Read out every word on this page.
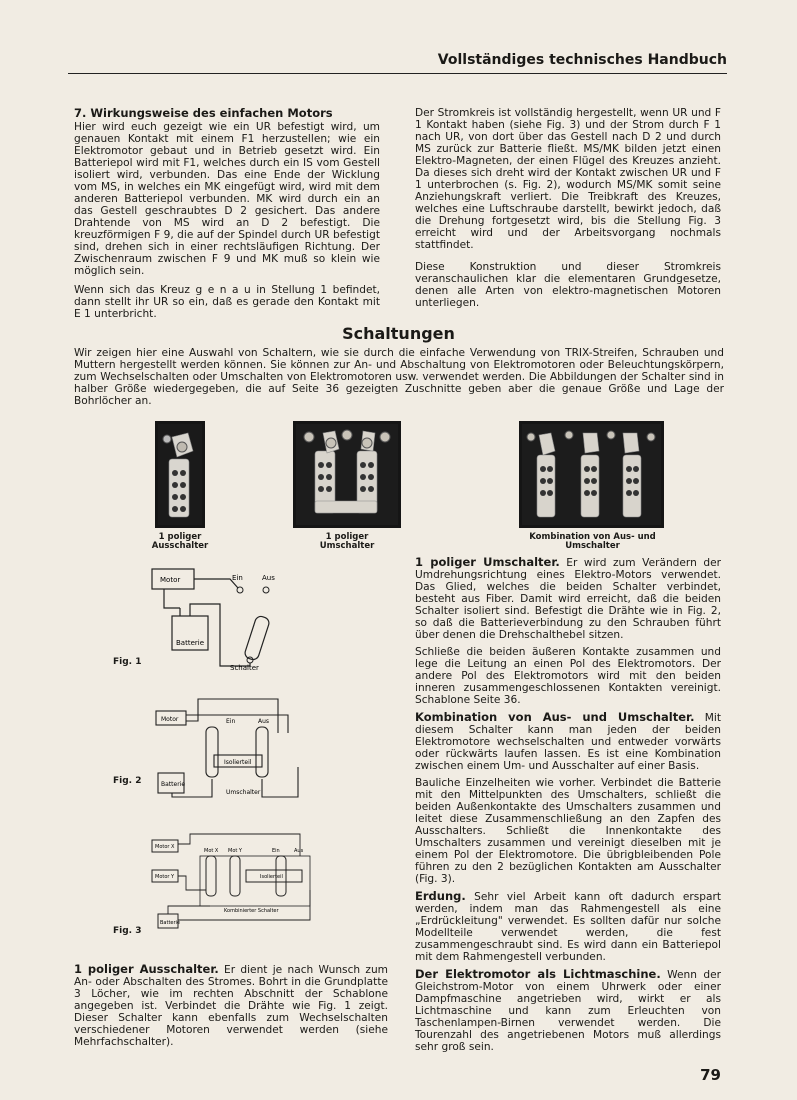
Vollständiges technisches Handbuch

7. Wirkungsweise des einfachen Motors

Hier wird euch gezeigt wie ein UR befestigt wird, um genauen Kontakt mit einem F1 herzustellen; wie ein Elektromotor gebaut und in Betrieb gesetzt wird. Ein Batteriepol wird mit F1, welches durch ein IS vom Gestell isoliert wird, verbunden. Das eine Ende der Wicklung vom MS, in welches ein MK eingefügt wird, wird mit dem anderen Batteriepol verbunden. MK wird durch ein an das Gestell geschraubtes D 2 gesichert. Das andere Drahtende von MS wird an D 2 befestigt. Die kreuzförmigen F 9, die auf der Spindel durch UR befestigt sind, drehen sich in einer rechtsläufigen Richtung. Der Zwischenraum zwischen F 9 und MK muß so klein wie möglich sein.

Wenn sich das Kreuz g e n a u in Stellung 1 befindet, dann stellt ihr UR so ein, daß es gerade den Kontakt mit E 1 unterbricht.

Der Stromkreis ist vollständig hergestellt, wenn UR und F 1 Kontakt haben (siehe Fig. 3) und der Strom durch F 1 nach UR, von dort über das Gestell nach D 2 und durch MS zurück zur Batterie fließt. MS/MK bilden jetzt einen Elektro-Magneten, der einen Flügel des Kreuzes anzieht. Da dieses sich dreht wird der Kontakt zwischen UR und F 1 unterbrochen (s. Fig. 2), wodurch MS/MK somit seine Anziehungskraft verliert. Die Treibkraft des Kreuzes, welches eine Luftschraube darstellt, bewirkt jedoch, daß die Drehung fortgesetzt wird, bis die Stellung Fig. 3 erreicht wird und der Arbeitsvorgang nochmals stattfindet.

Diese Konstruktion und dieser Stromkreis veranschaulichen klar die elementaren Grundgesetze, denen alle Arten von elektro-magnetischen Motoren unterliegen.

Schaltungen
Wir zeigen hier eine Auswahl von Schaltern, wie sie durch die einfache Verwendung von TRIX-Streifen, Schrauben und Muttern hergestellt werden können. Sie können zur An- und Abschaltung von Elektromotoren oder Beleuchtungskörpern, zum Wechselschalten oder Umschalten von Elektromotoren usw. verwendet werden. Die Abbildungen der Schalter sind in halber Größe wiedergegeben, die auf Seite 36 gezeigten Zuschnitte geben aber die genaue Größe und Lage der Bohrlöcher an.
1 poliger Ausschalter
1 poliger Umschalter
Kombination von Aus- und Umschalter
Motor	Ein	Aus
Batterie
Schalter
Fig. 1
Motor	Ein	Aus
Isolierteil
Batterie
Umschalter
Fig. 2
Motor X
Motor Y
Mot X Mot Y	Ein	Aus
Isolierteil
Kombinierter Schalter
Batterie
Fig. 3

1 poliger Umschalter. Er wird zum Verändern der Umdrehungsrichtung eines Elektro-Motors verwendet. Das Glied, welches die beiden Schalter verbindet, besteht aus Fiber. Damit wird erreicht, daß die beiden Schalter isoliert sind. Befestigt die Drähte wie in Fig. 2, so daß die Batterieverbindung zu den Schrauben führt über denen die Drehschalthebel sitzen.

Schließe die beiden äußeren Kontakte zusammen und lege die Leitung an einen Pol des Elektromotors. Der andere Pol des Elektromotors wird mit den beiden inneren zusammengeschlossenen Kontakten vereinigt. Schablone Seite 36.

Kombination von Aus- und Umschalter. Mit diesem Schalter kann man jeden der beiden Elektromotore wechselschalten und entweder vorwärts oder rückwärts laufen lassen. Es ist eine Kombination zwischen einem Um- und Ausschalter auf einer Basis.

Bauliche Einzelheiten wie vorher. Verbindet die Batterie mit den Mittelpunkten des Umschalters, schließt die beiden Außenkontakte des Umschalters zusammen und leitet diese Zusammenschließung an den Zapfen des Ausschalters. Schließt die Innenkontakte des Umschalters zusammen und vereinigt dieselben mit je einem Pol der Elektromotore. Die übrigbleibenden Pole führen zu den 2 bezüglichen Kontakten am Ausschalter (Fig. 3).

Erdung. Sehr viel Arbeit kann oft dadurch erspart werden, indem man das Rahmengestell als eine „Erdrückleitung" verwendet. Es sollten dafür nur solche Modellteile verwendet werden, die fest zusammengeschraubt sind. Es wird dann ein Batteriepol mit dem Rahmengestell verbunden.

Der Elektromotor als Lichtmaschine. Wenn der Gleichstrom-Motor von einem Uhrwerk oder einer Dampfmaschine angetrieben wird, wirkt er als Lichtmaschine und kann zum Erleuchten von Taschenlampen-Birnen verwendet werden. Die Tourenzahl des angetriebenen Motors muß allerdings sehr groß sein.

1 poliger Ausschalter. Er dient je nach Wunsch zum An- oder Abschalten des Stromes. Bohrt in die Grundplatte 3 Löcher, wie im rechten Abschnitt der Schablone angegeben ist. Verbindet die Drähte wie Fig. 1 zeigt. Dieser Schalter kann ebenfalls zum Wechselschalten verschiedener Motoren verwendet werden (siehe Mehrfachschalter).
79
